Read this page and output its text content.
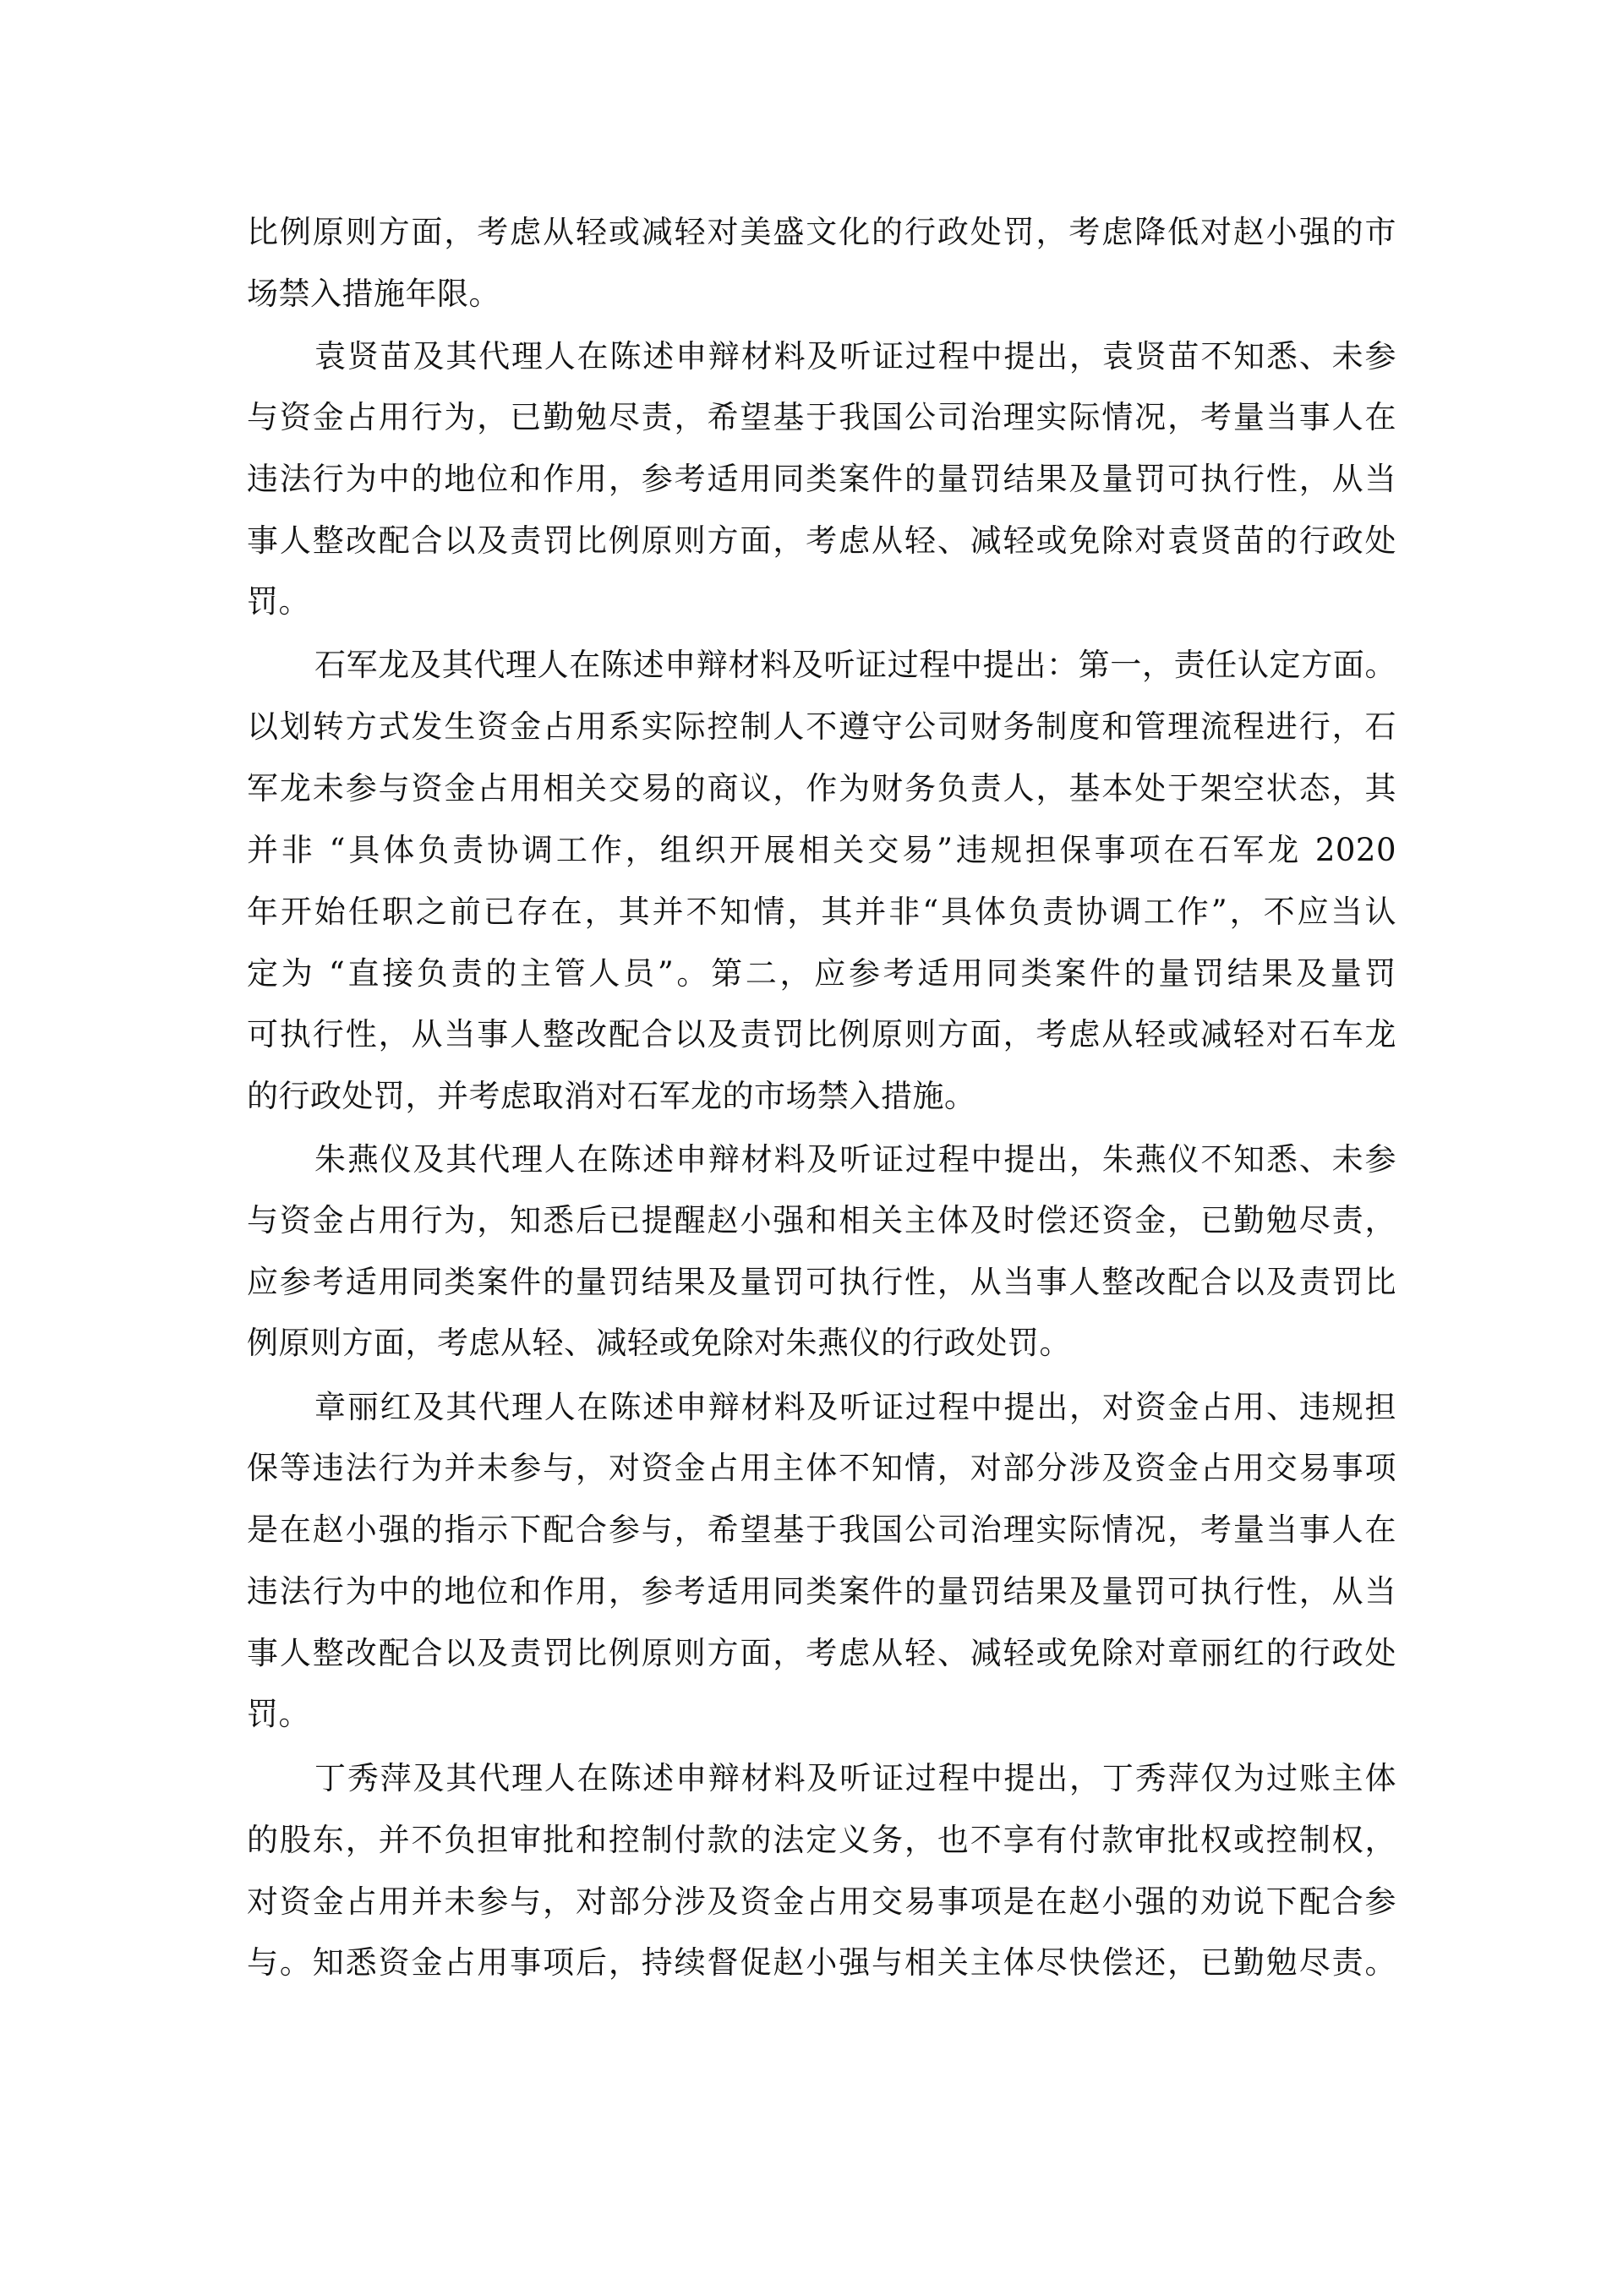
比例原则方面，考虑从轻或减轻对美盛文化的行政处罚，考虑降低对赵小强的市
场禁入措施年限。
袁贤苗及其代理人在陈述申辩材料及听证过程中提出，袁贤苗不知悉、未参
与资金占用行为，已勤勉尽责，希望基于我国公司治理实际情况，考量当事人在
违法行为中的地位和作用，参考适用同类案件的量罚结果及量罚可执行性，从当
事人整改配合以及责罚比例原则方面，考虑从轻、减轻或免除对袁贤苗的行政处
罚。
石军龙及其代理人在陈述申辩材料及听证过程中提出：第一，责任认定方面。
以划转方式发生资金占用系实际控制人不遵守公司财务制度和管理流程进行，石
军龙未参与资金占用相关交易的商议，作为财务负责人，基本处于架空状态，其
并非 “具体负责协调工作，组织开展相关交易”违规担保事项在石军龙 2020
年开始任职之前已存在，其并不知情，其并非“具体负责协调工作”，不应当认
定为 “直接负责的主管人员”。第二，应参考适用同类案件的量罚结果及量罚
可执行性，从当事人整改配合以及责罚比例原则方面，考虑从轻或减轻对石车龙
的行政处罚，并考虑取消对石军龙的市场禁入措施。
朱燕仪及其代理人在陈述申辩材料及听证过程中提出，朱燕仪不知悉、未参
与资金占用行为，知悉后已提醒赵小强和相关主体及时偿还资金，已勤勉尽责，
应参考适用同类案件的量罚结果及量罚可执行性，从当事人整改配合以及责罚比
例原则方面，考虑从轻、减轻或免除对朱燕仪的行政处罚。
章丽红及其代理人在陈述申辩材料及听证过程中提出，对资金占用、违规担
保等违法行为并未参与，对资金占用主体不知情，对部分涉及资金占用交易事项
是在赵小强的指示下配合参与，希望基于我国公司治理实际情况，考量当事人在
违法行为中的地位和作用，参考适用同类案件的量罚结果及量罚可执行性，从当
事人整改配合以及责罚比例原则方面，考虑从轻、减轻或免除对章丽红的行政处
罚。
丁秀萍及其代理人在陈述申辩材料及听证过程中提出，丁秀萍仅为过账主体
的股东，并不负担审批和控制付款的法定义务，也不享有付款审批权或控制权，
对资金占用并未参与，对部分涉及资金占用交易事项是在赵小强的劝说下配合参
与。知悉资金占用事项后，持续督促赵小强与相关主体尽快偿还，已勤勉尽责。
